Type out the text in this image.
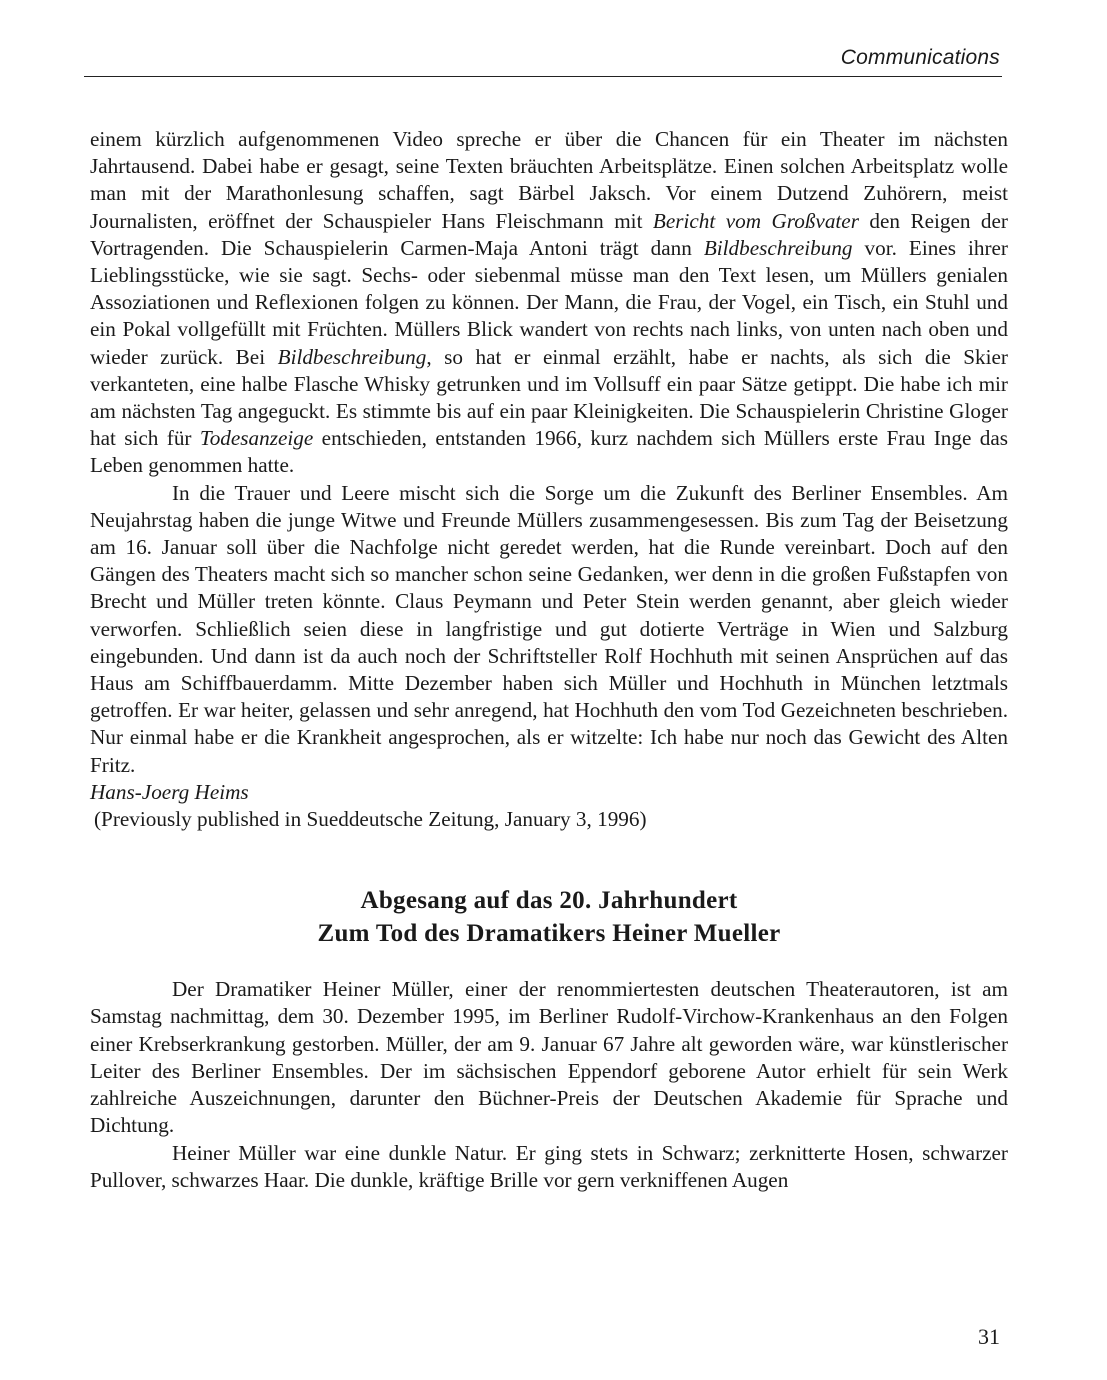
Communications

einem kürzlich aufgenommenen Video spreche er über die Chancen für ein Theater im nächsten Jahrtausend. Dabei habe er gesagt, seine Texten bräuchten Arbeitsplätze. Einen solchen Arbeitsplatz wolle man mit der Marathonlesung schaffen, sagt Bärbel Jaksch. Vor einem Dutzend Zuhörern, meist Journalisten, eröffnet der Schauspieler Hans Fleischmann mit Bericht vom Großvater den Reigen der Vortragenden. Die Schauspielerin Carmen-Maja Antoni trägt dann Bildbeschreibung vor. Eines ihrer Lieblingsstücke, wie sie sagt. Sechs- oder siebenmal müsse man den Text lesen, um Müllers genialen Assoziationen und Reflexionen folgen zu können. Der Mann, die Frau, der Vogel, ein Tisch, ein Stuhl und ein Pokal vollgefüllt mit Früchten. Müllers Blick wandert von rechts nach links, von unten nach oben und wieder zurück. Bei Bildbeschreibung, so hat er einmal erzählt, habe er nachts, als sich die Skier verkanteten, eine halbe Flasche Whisky getrunken und im Vollsuff ein paar Sätze getippt. Die habe ich mir am nächsten Tag angeguckt. Es stimmte bis auf ein paar Kleinigkeiten. Die Schauspielerin Christine Gloger hat sich für Todesanzeige entschieden, entstanden 1966, kurz nachdem sich Müllers erste Frau Inge das Leben genommen hatte.

In die Trauer und Leere mischt sich die Sorge um die Zukunft des Berliner Ensembles. Am Neujahrstag haben die junge Witwe und Freunde Müllers zusammengesessen. Bis zum Tag der Beisetzung am 16. Januar soll über die Nachfolge nicht geredet werden, hat die Runde vereinbart. Doch auf den Gängen des Theaters macht sich so mancher schon seine Gedanken, wer denn in die großen Fußstapfen von Brecht und Müller treten könnte. Claus Peymann und Peter Stein werden genannt, aber gleich wieder verworfen. Schließlich seien diese in langfristige und gut dotierte Verträge in Wien und Salzburg eingebunden. Und dann ist da auch noch der Schriftsteller Rolf Hochhuth mit seinen Ansprüchen auf das Haus am Schiffbauerdamm. Mitte Dezember haben sich Müller und Hochhuth in München letztmals getroffen. Er war heiter, gelassen und sehr anregend, hat Hochhuth den vom Tod Gezeichneten beschrieben. Nur einmal habe er die Krankheit angesprochen, als er witzelte: Ich habe nur noch das Gewicht des Alten Fritz.

Hans-Joerg Heims

(Previously published in Sueddeutsche Zeitung, January 3, 1996)

Abgesang auf das 20. Jahrhundert
Zum Tod des Dramatikers Heiner Mueller

Der Dramatiker Heiner Müller, einer der renommiertesten deutschen Theaterautoren, ist am Samstag nachmittag, dem 30. Dezember 1995, im Berliner Rudolf-Virchow-Krankenhaus an den Folgen einer Krebserkrankung gestorben. Müller, der am 9. Januar 67 Jahre alt geworden wäre, war künstlerischer Leiter des Berliner Ensembles. Der im sächsischen Eppendorf geborene Autor erhielt für sein Werk zahlreiche Auszeichnungen, darunter den Büchner-Preis der Deutschen Akademie für Sprache und Dichtung.

Heiner Müller war eine dunkle Natur. Er ging stets in Schwarz; zerknitterte Hosen, schwarzer Pullover, schwarzes Haar. Die dunkle, kräftige Brille vor gern verkniffenen Augen

31
